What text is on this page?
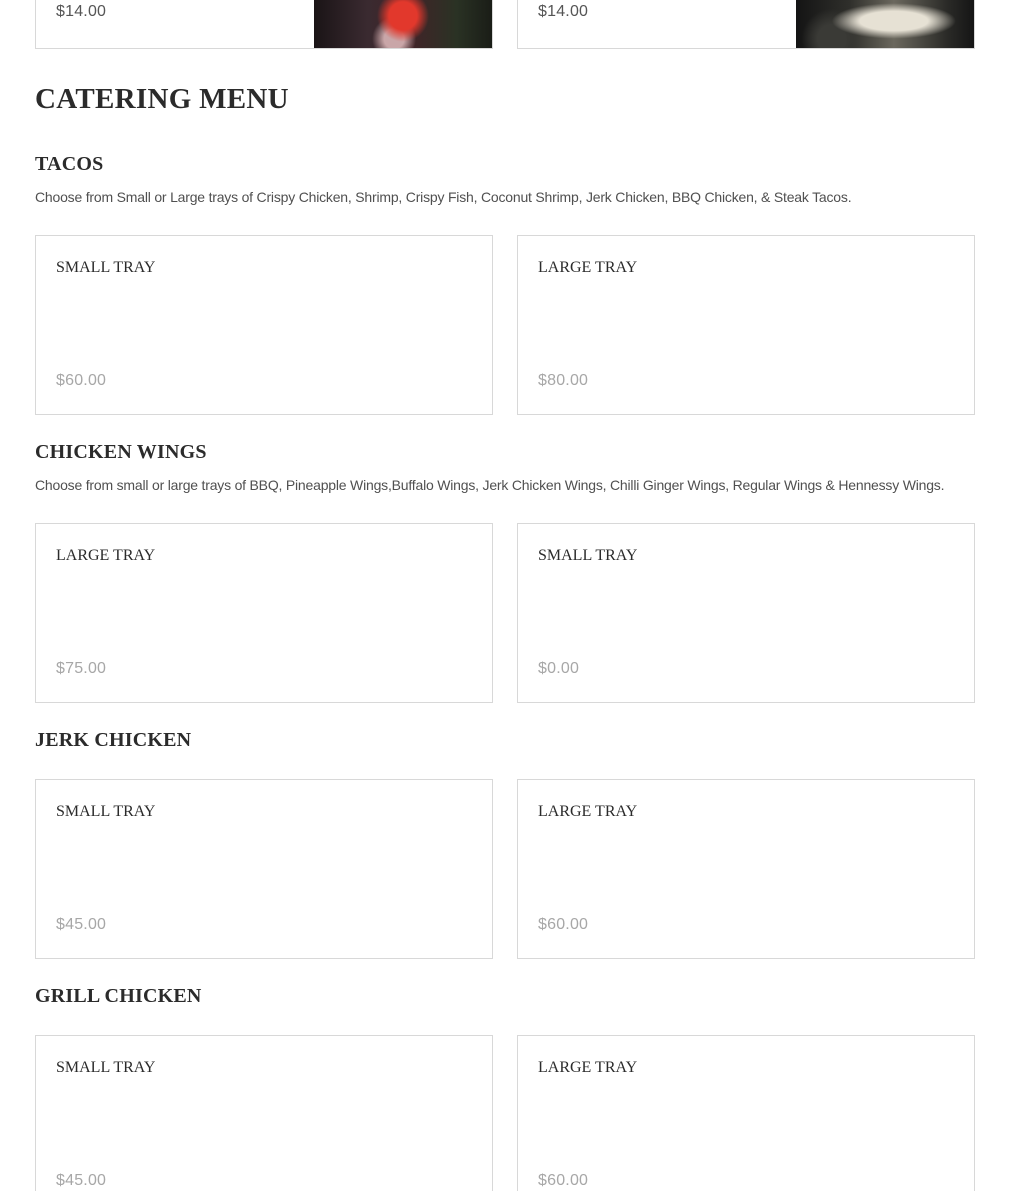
$14.00	$14.00
CATERING MENU
TACOS
Choose from Small or Large trays of Crispy Chicken, Shrimp, Crispy Fish, Coconut Shrimp, Jerk Chicken, BBQ Chicken, & Steak Tacos.
SMALL TRAY
$60.00
LARGE TRAY
$80.00
CHICKEN WINGS
Choose from small or large trays of BBQ, Pineapple Wings,Buffalo Wings, Jerk Chicken Wings, Chilli Ginger Wings, Regular Wings & Hennessy Wings.
LARGE TRAY
$75.00
SMALL TRAY
$0.00
JERK CHICKEN
SMALL TRAY
$45.00
LARGE TRAY
$60.00
GRILL CHICKEN
SMALL TRAY
$45.00
LARGE TRAY
$60.00
